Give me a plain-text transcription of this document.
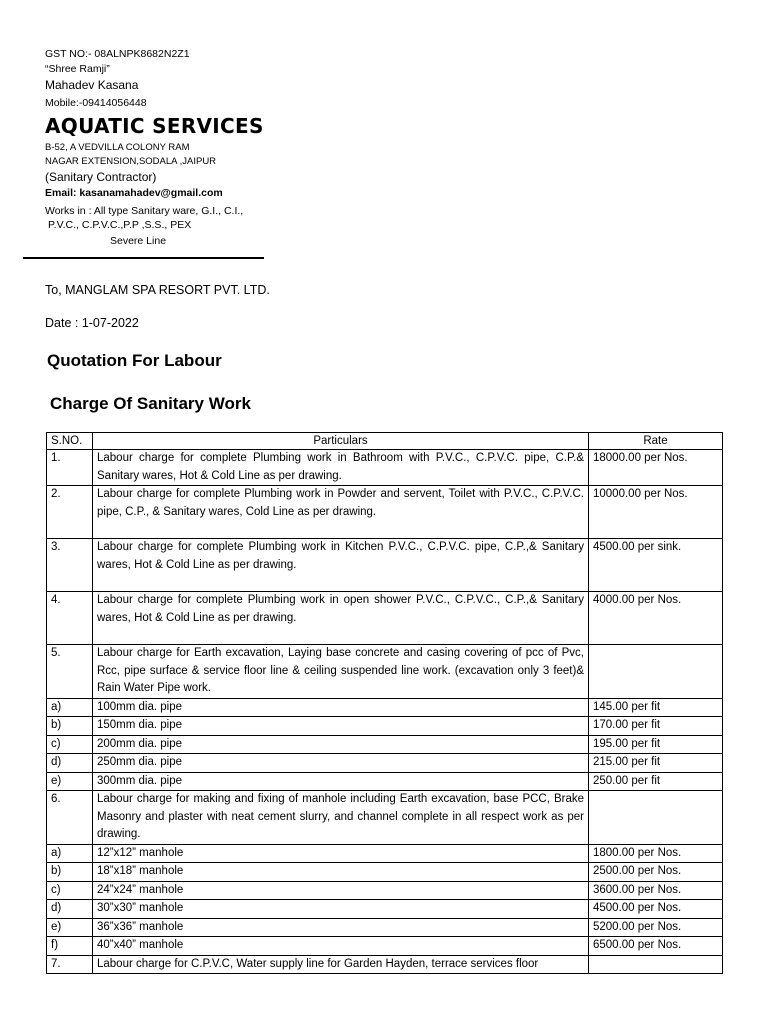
GST NO:- 08ALNPK8682N2Z1
“Shree Ramji”
Mahadev Kasana
Mobile:-09414056448
AQUATIC SERVICES
B-52, A VEDVILLA COLONY RAM
NAGAR EXTENSION,SODALA ,JAIPUR
(Sanitary Contractor)
Email: kasanamahadev@gmail.com
Works in : All type Sanitary ware, G.I., C.I.,
P.V.C., C.P.V.C.,P.P ,S.S., PEX
Severe Line
To, MANGLAM SPA RESORT PVT. LTD.
Date : 1-07-2022
Quotation For Labour
Charge Of Sanitary Work
S.NO.	Particulars	Rate
1.	Labour charge for complete Plumbing work in Bathroom with P.V.C., C.P.V.C. pipe, C.P.& Sanitary wares, Hot & Cold Line as per drawing.	18000.00 per Nos.
2.	Labour charge for complete Plumbing work in Powder and servent, Toilet with P.V.C., C.P.V.C. pipe, C.P., & Sanitary wares, Cold Line as per drawing.	10000.00 per Nos.
3.	Labour charge for complete Plumbing work in Kitchen P.V.C., C.P.V.C. pipe, C.P.,& Sanitary wares, Hot & Cold Line as per drawing.	4500.00 per sink.
4.	Labour charge for complete Plumbing work in open shower P.V.C., C.P.V.C., C.P.,& Sanitary wares, Hot & Cold Line as per drawing.	4000.00 per Nos.
5.	Labour charge for Earth excavation, Laying base concrete and casing covering of pcc of Pvc, Rcc, pipe surface & service floor line & ceiling suspended line work. (excavation only 3 feet)& Rain Water Pipe work.	
a)	100mm dia. pipe	145.00 per fit
b)	150mm dia. pipe	170.00 per fit
c)	200mm dia. pipe	195.00 per fit
d)	250mm dia. pipe	215.00 per fit
e)	300mm dia. pipe	250.00 per fit
6.	Labour charge for making and fixing of manhole including Earth excavation, base PCC, Brake Masonry and plaster with neat cement slurry, and channel complete in all respect work as per drawing.	
a)	12”x12” manhole	1800.00 per Nos.
b)	18”x18” manhole	2500.00 per Nos.
c)	24”x24” manhole	3600.00 per Nos.
d)	30”x30” manhole	4500.00 per Nos.
e)	36”x36” manhole	5200.00 per Nos.
f)	40”x40” manhole	6500.00 per Nos.
7.	Labour charge for C.P.V.C, Water supply line for Garden Hayden, terrace services floor	
